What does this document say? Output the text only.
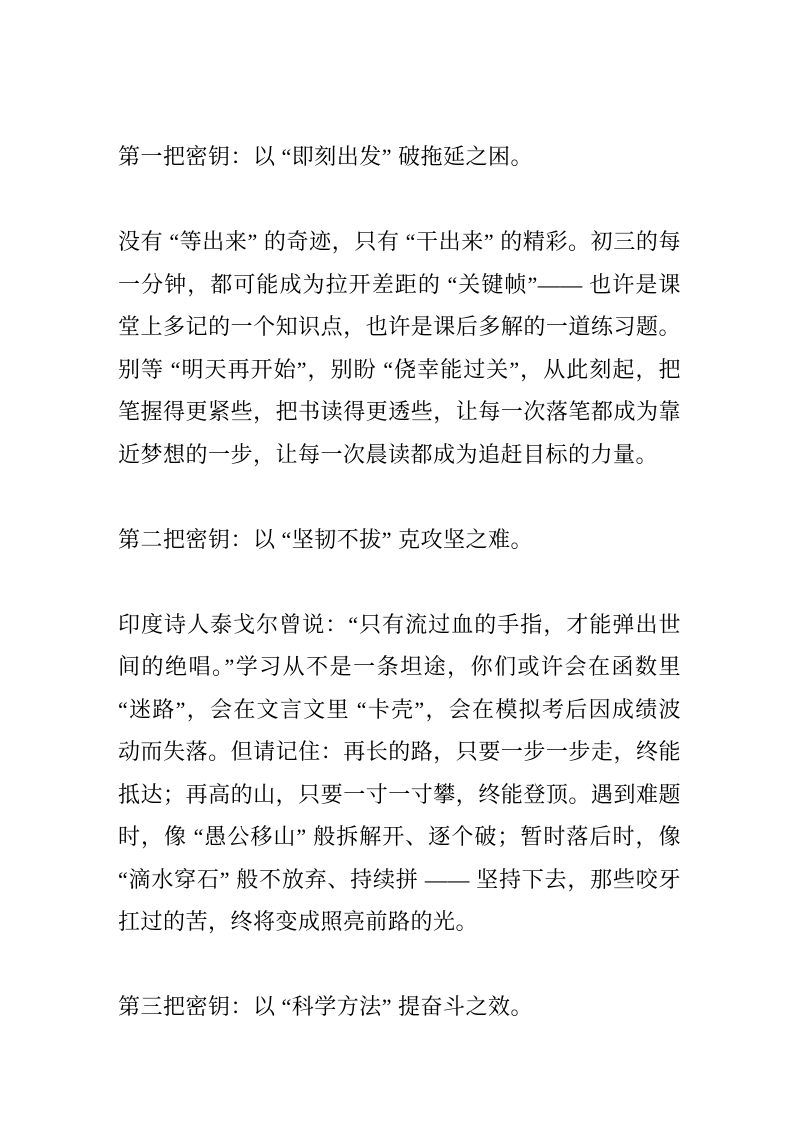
第一把密钥：以 “即刻出发” 破拖延之困。

没有 “等出来” 的奇迹，只有 “干出来” 的精彩。初三的每一分钟，都可能成为拉开差距的 “关键帧”—— 也许是课堂上多记的一个知识点，也许是课后多解的一道练习题。别等 “明天再开始”，别盼 “侥幸能过关”，从此刻起，把笔握得更紧些，把书读得更透些，让每一次落笔都成为靠近梦想的一步，让每一次晨读都成为追赶目标的力量。

第二把密钥：以 “坚韧不拔” 克攻坚之难。

印度诗人泰戈尔曾说：“只有流过血的手指，才能弹出世间的绝唱。”学习从不是一条坦途，你们或许会在函数里 “迷路”，会在文言文里 “卡壳”，会在模拟考后因成绩波动而失落。但请记住：再长的路，只要一步一步走，终能抵达；再高的山，只要一寸一寸攀，终能登顶。遇到难题时，像 “愚公移山” 般拆解开、逐个破；暂时落后时，像 “滴水穿石” 般不放弃、持续拼 —— 坚持下去，那些咬牙扛过的苦，终将变成照亮前路的光。

第三把密钥：以 “科学方法” 提奋斗之效。
